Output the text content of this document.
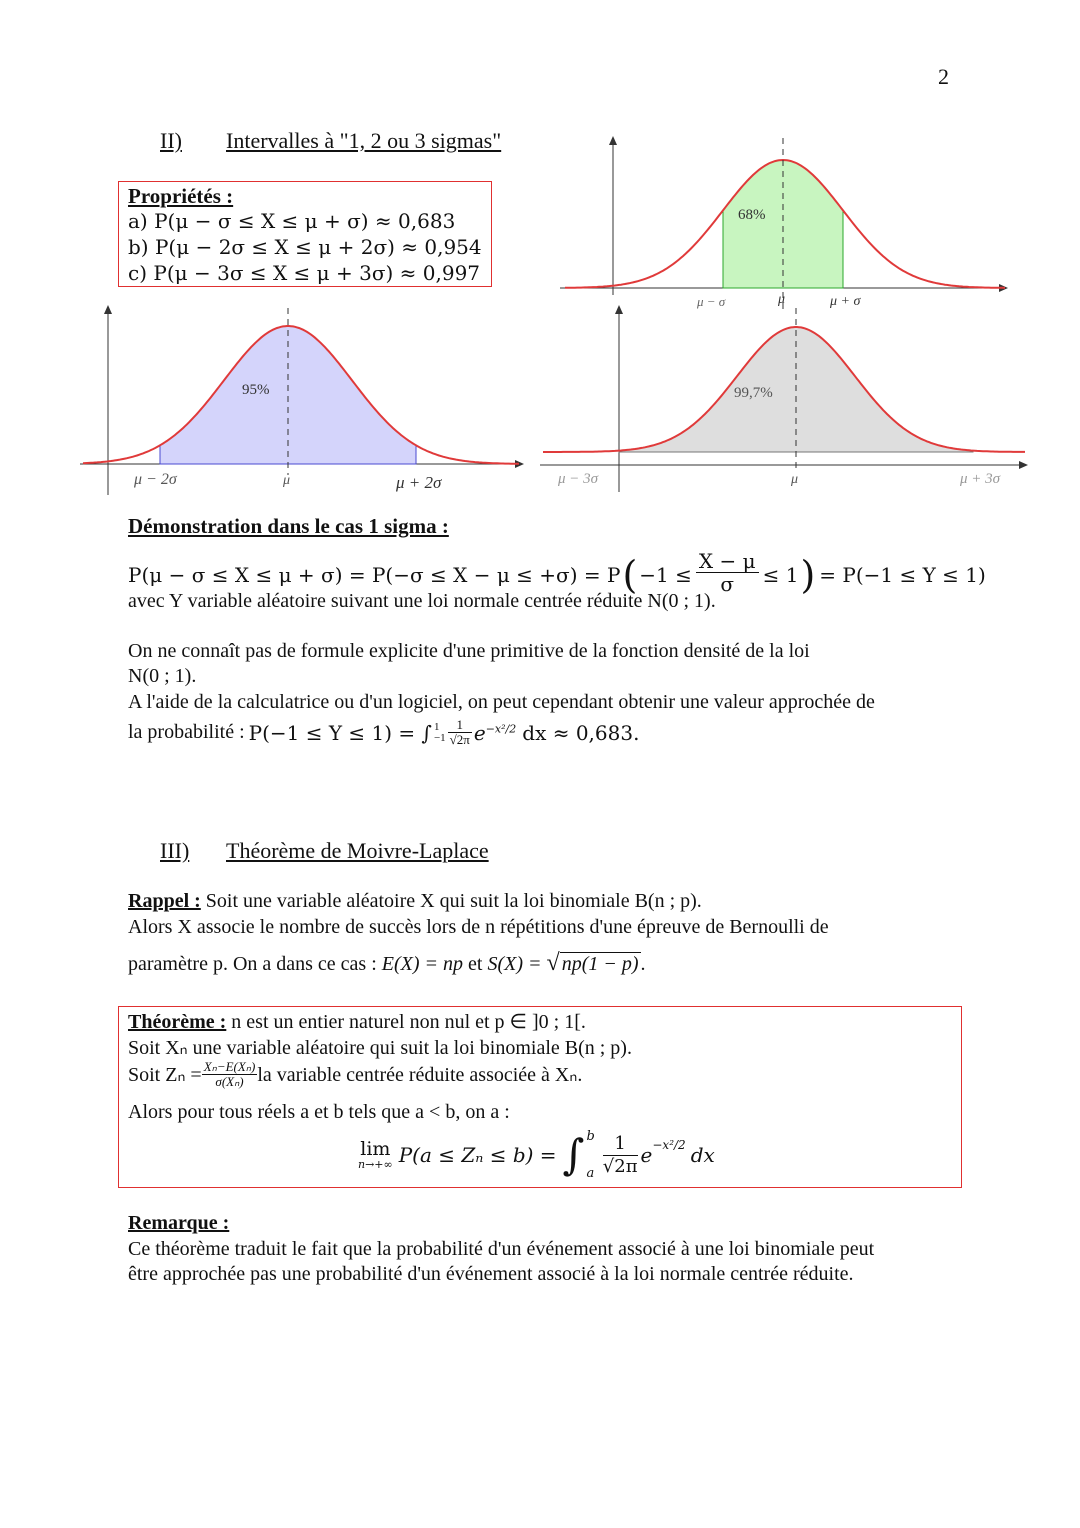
2
II) Intervalles à "1, 2 ou 3 sigmas"
Propriétés :
a) P(μ − σ ≤ X ≤ μ + σ) ≈ 0,683
b) P(μ − 2σ ≤ X ≤ μ + 2σ) ≈ 0,954
c) P(μ − 3σ ≤ X ≤ μ + 3σ) ≈ 0,997
68%
μ − σ	μ	μ + σ
95%
μ − 2σ	μ	μ + 2σ
99,7%
μ − 3σ	μ	μ + 3σ
Démonstration dans le cas 1 sigma :
P(μ − σ ≤ X ≤ μ + σ) = P(−σ ≤ X − μ ≤ +σ) = P ( $-1 \le \frac{X - \mu}{\sigma} \le 1$ ) = P(−1 ≤ Y ≤ 1)
avec Y variable aléatoire suivant une loi normale centrée réduite N(0 ; 1).
On ne connaît pas de formule explicite d'une primitive de la fonction densité de la loi
N(0 ; 1).
A l'aide de la calculatrice ou d'un logiciel, on peut cependant obtenir une valeur approchée de
la probabilité : P(−1 ≤ Y ≤ 1) = ∫ 1
$-1 \frac{1}{√2\pi} e^{-x^2/2}$ dx ≈ 0,683.
III) Théorème de Moivre-Laplace
Rappel : Soit une variable aléatoire X qui suit la loi binomiale B(n ; p).
Alors X associe le nombre de succès lors de n répétitions d'une épreuve de Bernoulli de
paramètre p. On a dans ce cas : E(X) = np et S(X) = √ np(1 − p) .
Théorème : n est un entier naturel non nul et p ∈ ]0 ; 1[.
Soit Xₙ une variable aléatoire qui suit la loi binomiale B(n ; p).
Soit $Z_n = \frac{\text{Xₙ−E(Xₙ)}}{\text{σ(Xₙ)}}$ la variable centrée réduite associée à Xₙ.
Alors pour tous réels a et b tels que a < b, on a :
lim
n→+∞ P(a ≤ Zₙ ≤ b) = ∫ b
a $\frac{1}{√2\pi}$ e −x²/2 dx
Remarque :
Ce théorème traduit le fait que la probabilité d'un événement associé à une loi binomiale peut
être approchée pas une probabilité d'un événement associé à la loi normale centrée réduite.
